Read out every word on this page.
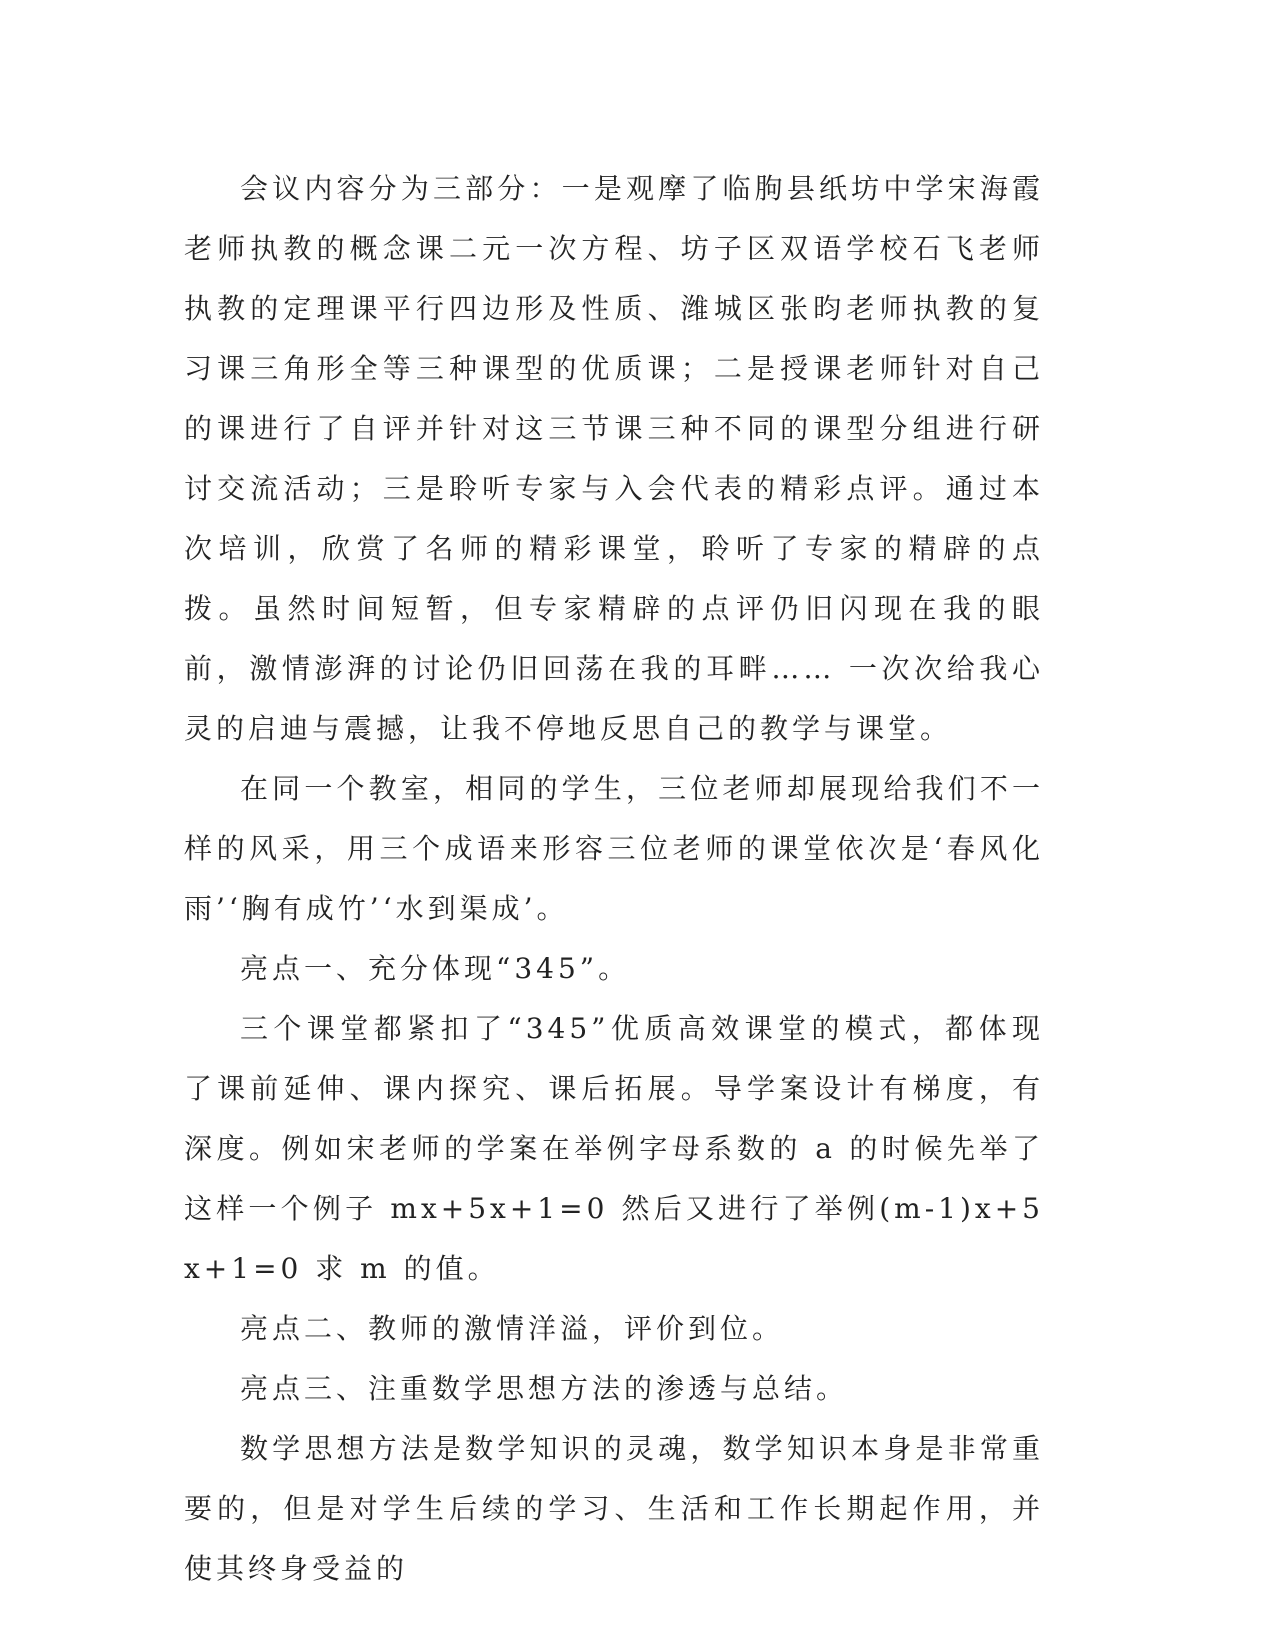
会议内容分为三部分：一是观摩了临朐县纸坊中学宋海霞老师执教的概念课二元一次方程、坊子区双语学校石飞老师执教的定理课平行四边形及性质、潍城区张昀老师执教的复习课三角形全等三种课型的优质课；二是授课老师针对自己的课进行了自评并针对这三节课三种不同的课型分组进行研讨交流活动；三是聆听专家与入会代表的精彩点评。通过本次培训，欣赏了名师的精彩课堂，聆听了专家的精辟的点拨。虽然时间短暂，但专家精辟的点评仍旧闪现在我的眼前，激情澎湃的讨论仍旧回荡在我的耳畔…… 一次次给我心灵的启迪与震撼，让我不停地反思自己的教学与课堂。

在同一个教室，相同的学生，三位老师却展现给我们不一样的风采，用三个成语来形容三位老师的课堂依次是‘春风化雨’‘胸有成竹’‘水到渠成’。

亮点一、充分体现“345”。

三个课堂都紧扣了“345”优质高效课堂的模式，都体现了课前延伸、课内探究、课后拓展。导学案设计有梯度，有深度。例如宋老师的学案在举例字母系数的 a 的时候先举了这样一个例子 mx+5x+1=0 然后又进行了举例(m-1)x+5x+1=0 求 m 的值。

亮点二、教师的激情洋溢，评价到位。

亮点三、注重数学思想方法的渗透与总结。

数学思想方法是数学知识的灵魂，数学知识本身是非常重要的，但是对学生后续的学习、生活和工作长期起作用，并使其终身受益的
